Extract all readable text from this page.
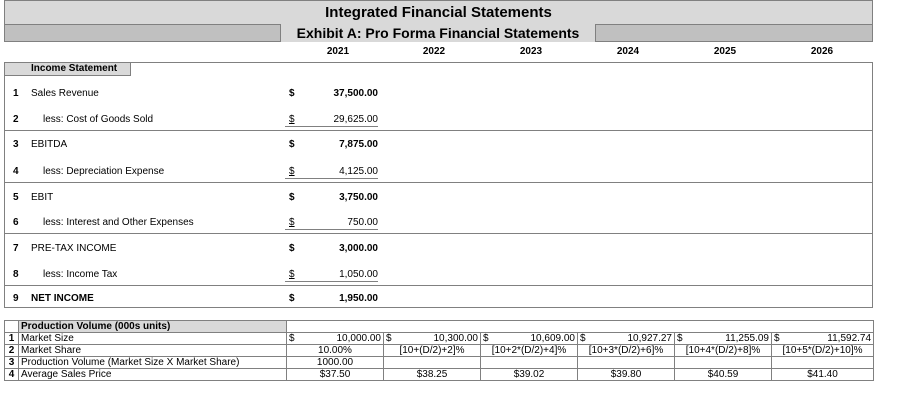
Integrated Financial Statements
Exhibit A: Pro Forma Financial Statements
2021	2022	2023	2024	2025	2026
Income Statement
1 Sales Revenue	$	37,500.00
2 less: Cost of Goods Sold	$	29,625.00
3 EBITDA	$	7,875.00
4 less: Depreciation Expense	$	4,125.00
5 EBIT	$	3,750.00
6 less: Interest and Other Expenses	$	750.00
7 PRE-TAX INCOME	$	3,000.00
8 less: Income Tax	$	1,050.00
9 NET INCOME	$	1,950.00
	Production Volume (000s units)						
1	Market Size	$ 10,000.00	$ 10,300.00	$ 10,609.00	$ 10,927.27	$ 11,255.09	$ 11,592.74

2	Market Share	10.00%	[10+(D/2)+2]%	[10+2*(D/2)+4]%	[10+3*(D/2)+6]%	[10+4*(D/2)+8]%	[10+5*(D/2)+10]%
3	Production Volume (Market Size X Market Share)	1000.00					
4	Average Sales Price	$37.50	$38.25	$39.02	$39.80	$40.59	$41.40
